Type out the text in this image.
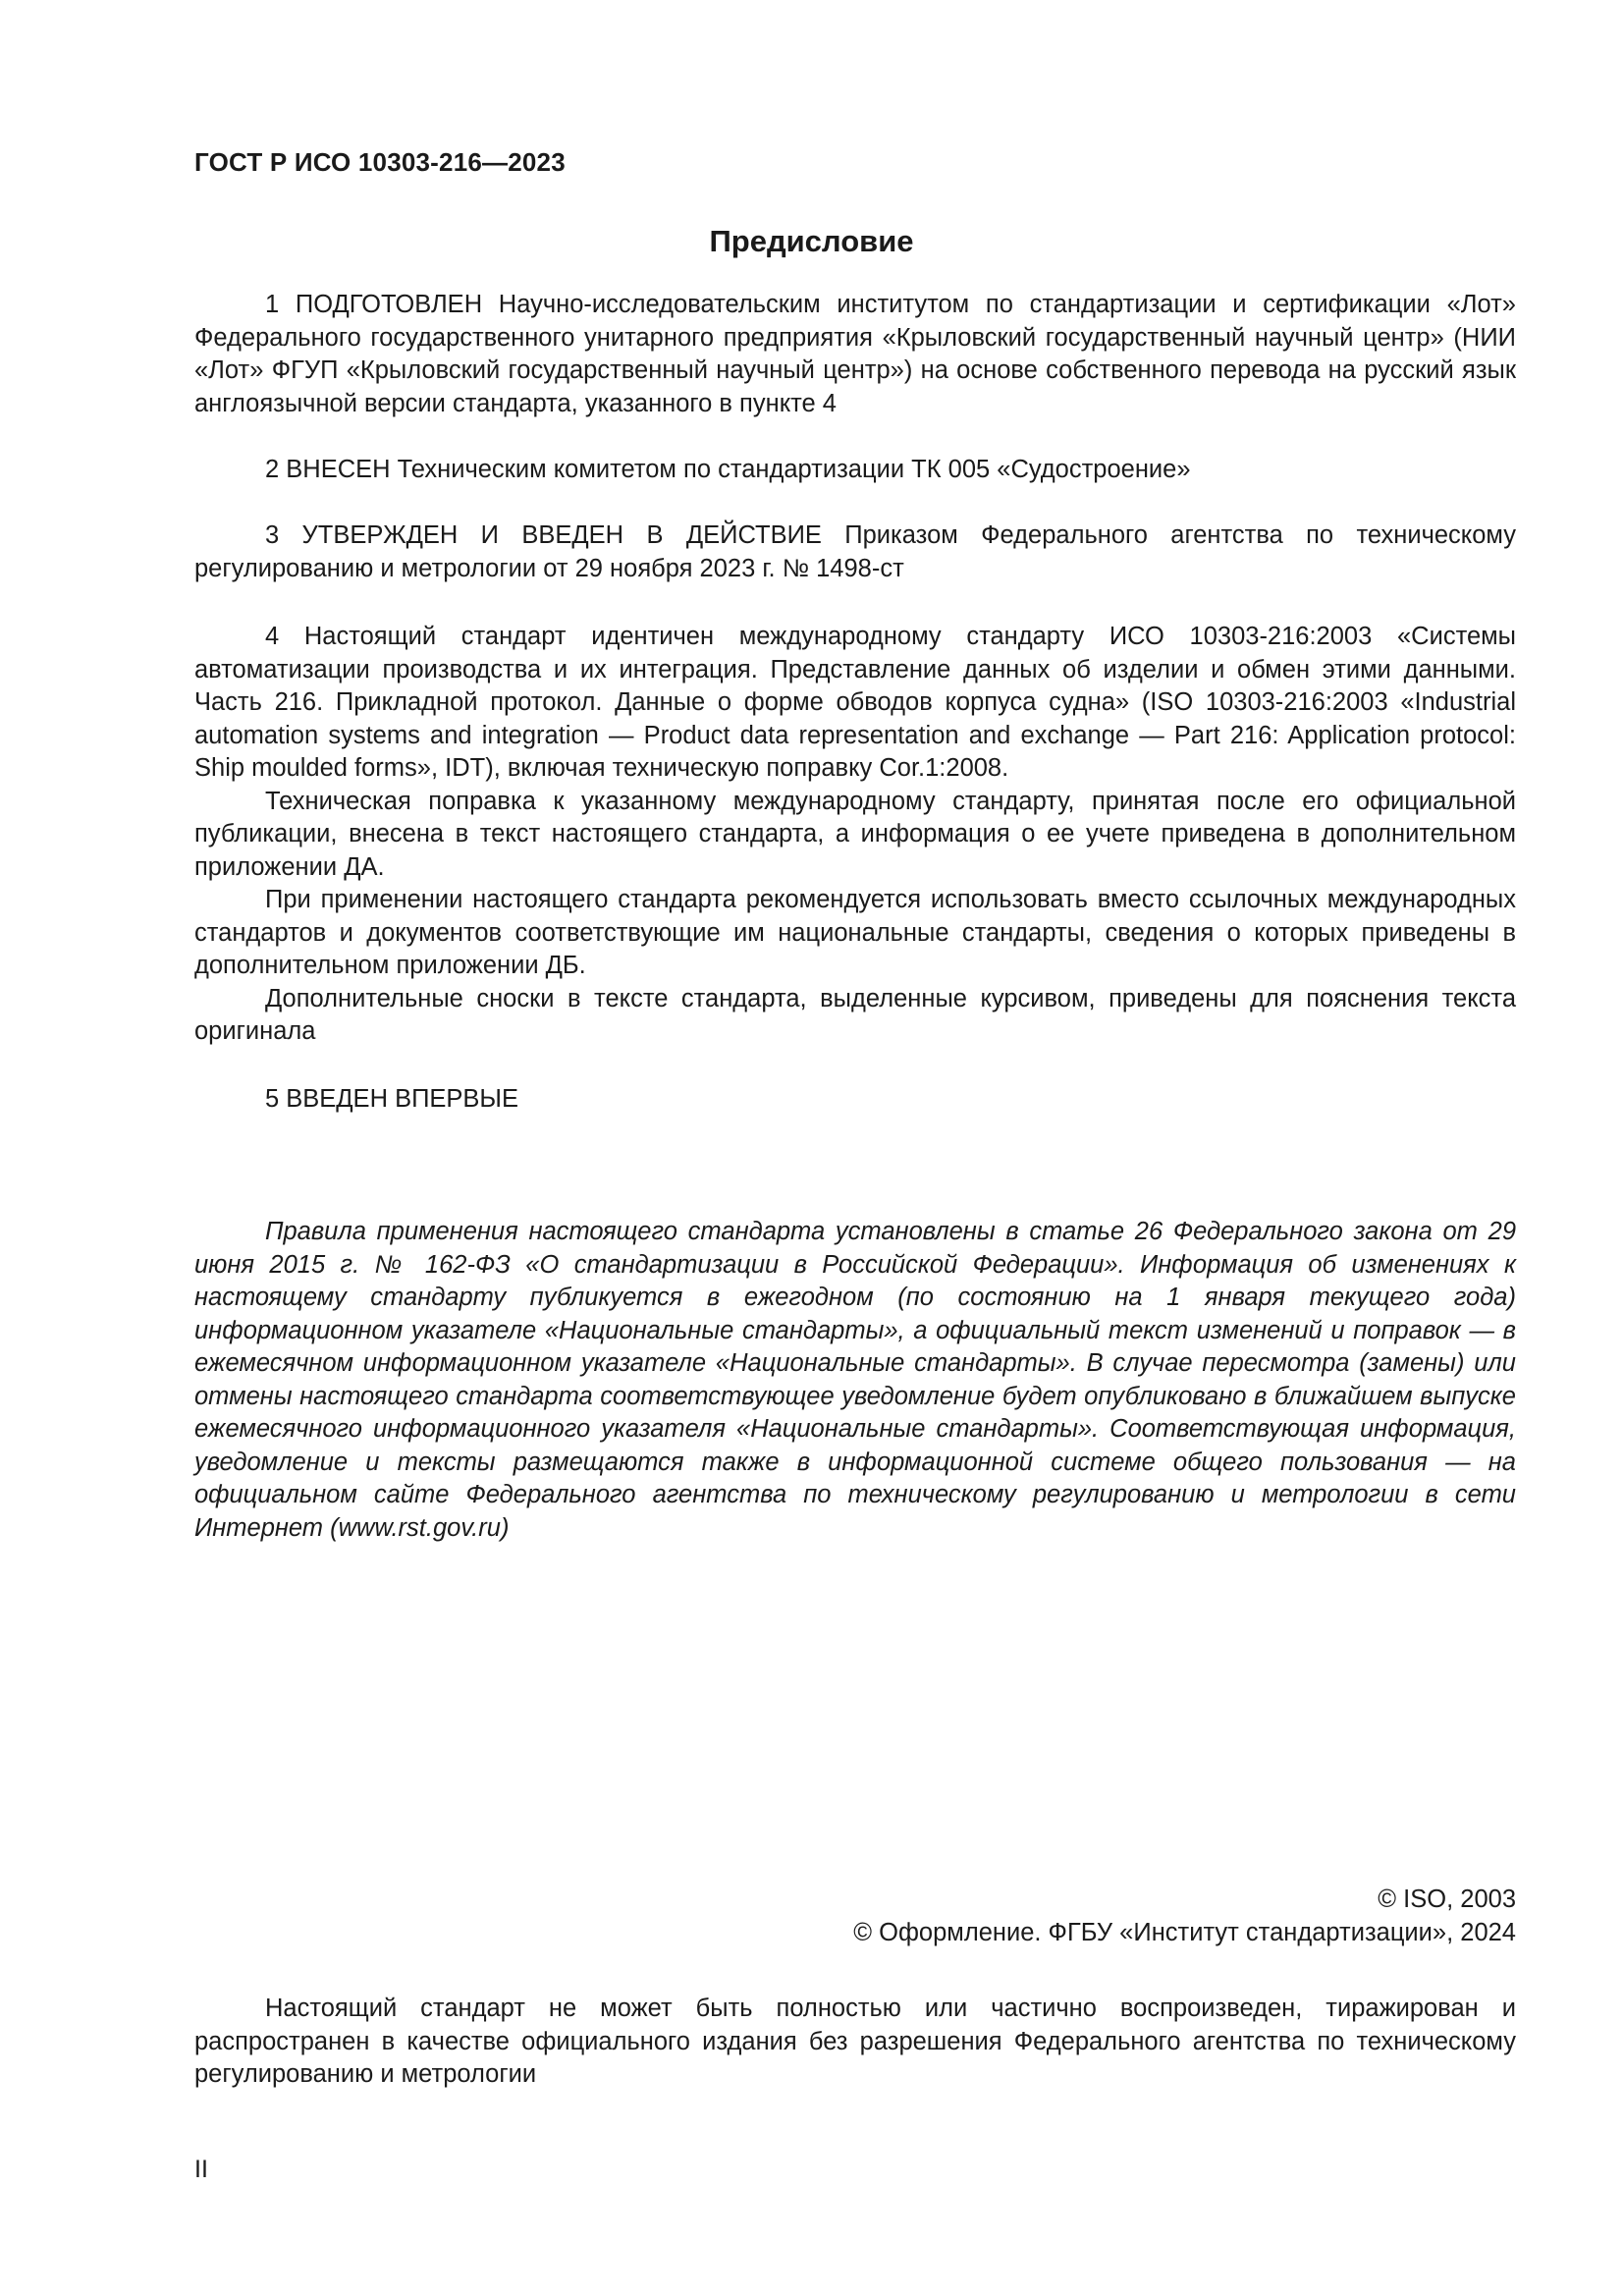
ГОСТ Р ИСО 10303-216—2023
Предисловие

1 ПОДГОТОВЛЕН Научно-исследовательским институтом по стандартизации и сертификации «Лот» Федерального государственного унитарного предприятия «Крыловский государственный научный центр» (НИИ «Лот» ФГУП «Крыловский государственный научный центр») на основе собственного перевода на русский язык англоязычной версии стандарта, указанного в пункте 4

2 ВНЕСЕН Техническим комитетом по стандартизации ТК 005 «Судостроение»

3 УТВЕРЖДЕН И ВВЕДЕН В ДЕЙСТВИЕ Приказом Федерального агентства по техническому регулированию и метрологии от 29 ноября 2023 г. № 1498-ст

4 Настоящий стандарт идентичен международному стандарту ИСО 10303-216:2003 «Системы автоматизации производства и их интеграция. Представление данных об изделии и обмен этими данными. Часть 216. Прикладной протокол. Данные о форме обводов корпуса судна» (ISO 10303-216:2003 «Industrial automation systems and integration — Product data representation and exchange — Part 216: Application protocol: Ship moulded forms», IDT), включая техническую поправку Cor.1:2008.

Техническая поправка к указанному международному стандарту, принятая после его официальной публикации, внесена в текст настоящего стандарта, а информация о ее учете приведена в дополнительном приложении ДА.

При применении настоящего стандарта рекомендуется использовать вместо ссылочных международных стандартов и документов соответствующие им национальные стандарты, сведения о которых приведены в дополнительном приложении ДБ.

Дополнительные сноски в тексте стандарта, выделенные курсивом, приведены для пояснения текста оригинала

5 ВВЕДЕН ВПЕРВЫЕ

Правила применения настоящего стандарта установлены в статье 26 Федерального закона от 29 июня 2015 г. № 162-ФЗ «О стандартизации в Российской Федерации». Информация об изменениях к настоящему стандарту публикуется в ежегодном (по состоянию на 1 января текущего года) информационном указателе «Национальные стандарты», а официальный текст изменений и поправок — в ежемесячном информационном указателе «Национальные стандарты». В случае пересмотра (замены) или отмены настоящего стандарта соответствующее уведомление будет опубликовано в ближайшем выпуске ежемесячного информационного указателя «Национальные стандарты». Соответствующая информация, уведомление и тексты размещаются также в информационной системе общего пользования — на официальном сайте Федерального агентства по техническому регулированию и метрологии в сети Интернет (www.rst.gov.ru)

© ISO, 2003
© Оформление. ФГБУ «Институт стандартизации», 2024

Настоящий стандарт не может быть полностью или частично воспроизведен, тиражирован и распространен в качестве официального издания без разрешения Федерального агентства по техническому регулированию и метрологии

II
